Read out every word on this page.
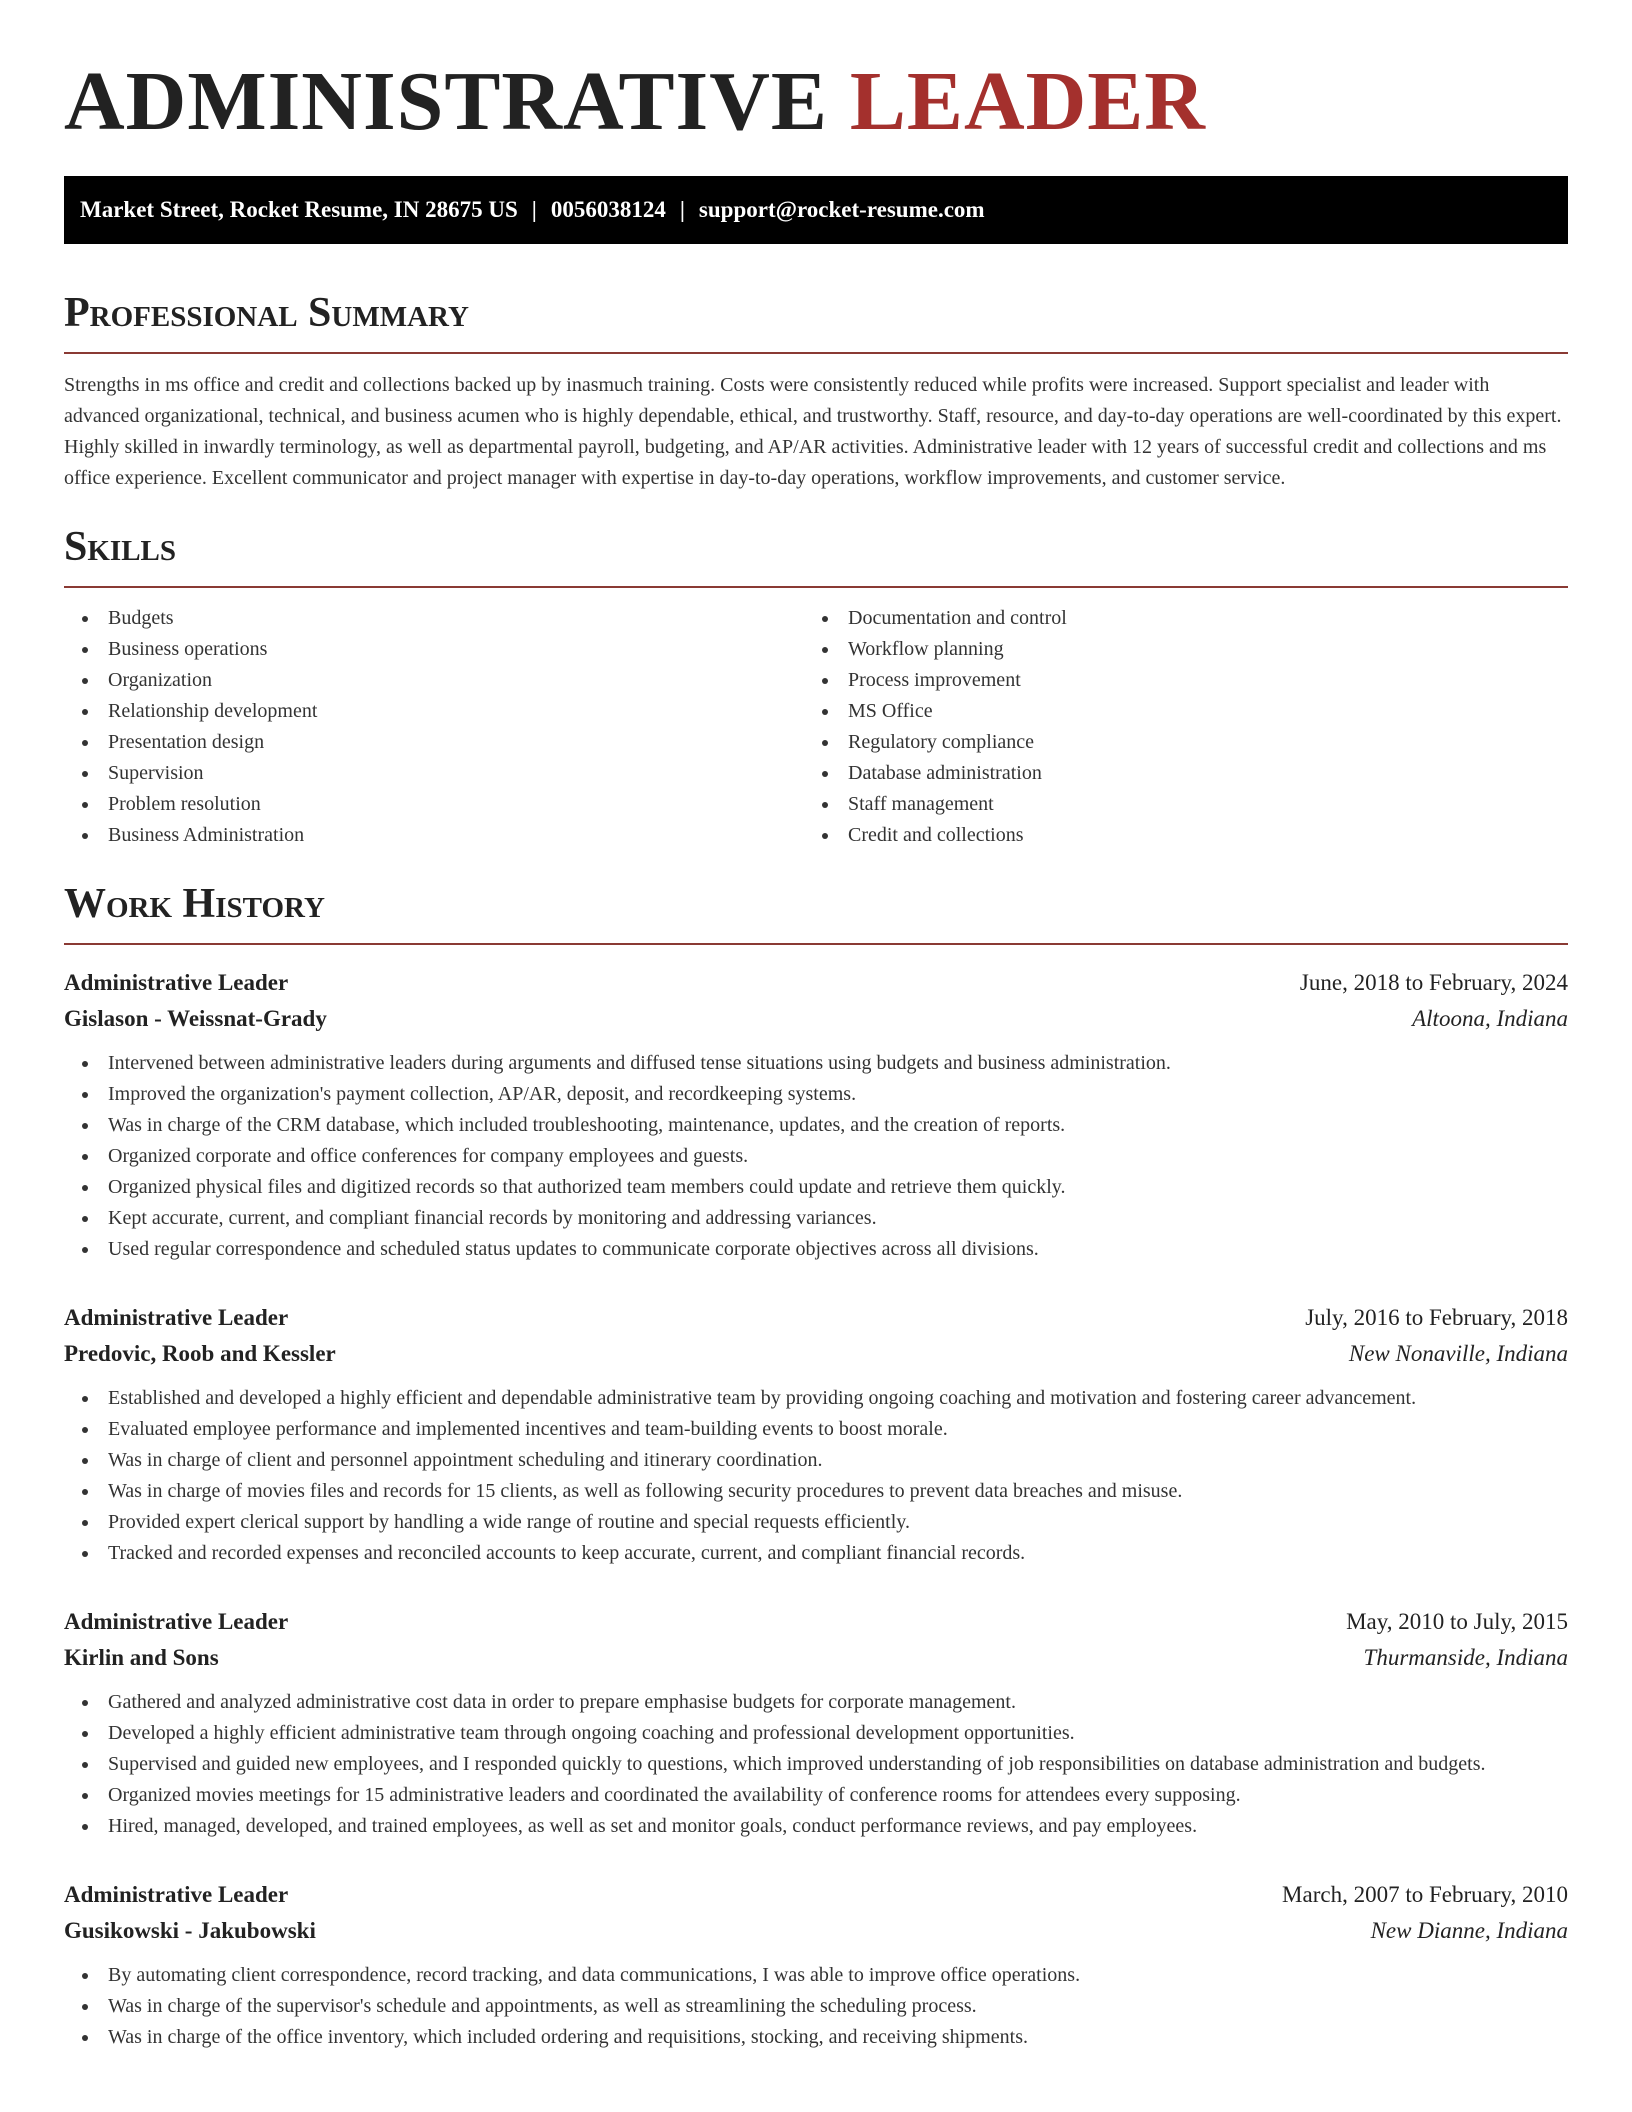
ADMINISTRATIVE LEADER
Market Street, Rocket Resume, IN 28675 US | 0056038124 | support@rocket-resume.com
Professional Summary

Strengths in ms office and credit and collections backed up by inasmuch training. Costs were consistently reduced while profits were increased. Support specialist and leader with advanced organizational, technical, and business acumen who is highly dependable, ethical, and trustworthy. Staff, resource, and day-to-day operations are well-coordinated by this expert. Highly skilled in inwardly terminology, as well as departmental payroll, budgeting, and AP/AR activities. Administrative leader with 12 years of successful credit and collections and ms office experience. Excellent communicator and project manager with expertise in day-to-day operations, workflow improvements, and customer service.

Skills
Budgets
Business operations
Organization
Relationship development
Presentation design
Supervision
Problem resolution
Business Administration
Documentation and control
Workflow planning
Process improvement
MS Office
Regulatory compliance
Database administration
Staff management
Credit and collections
Work History
Administrative Leader	June, 2018 to February, 2024
Gislason - Weissnat-Grady	Altoona, Indiana
Intervened between administrative leaders during arguments and diffused tense situations using budgets and business administration.
Improved the organization's payment collection, AP/AR, deposit, and recordkeeping systems.
Was in charge of the CRM database, which included troubleshooting, maintenance, updates, and the creation of reports.
Organized corporate and office conferences for company employees and guests.
Organized physical files and digitized records so that authorized team members could update and retrieve them quickly.
Kept accurate, current, and compliant financial records by monitoring and addressing variances.
Used regular correspondence and scheduled status updates to communicate corporate objectives across all divisions.
Administrative Leader	July, 2016 to February, 2018
Predovic, Roob and Kessler	New Nonaville, Indiana
Established and developed a highly efficient and dependable administrative team by providing ongoing coaching and motivation and fostering career advancement.
Evaluated employee performance and implemented incentives and team-building events to boost morale.
Was in charge of client and personnel appointment scheduling and itinerary coordination.
Was in charge of movies files and records for 15 clients, as well as following security procedures to prevent data breaches and misuse.
Provided expert clerical support by handling a wide range of routine and special requests efficiently.
Tracked and recorded expenses and reconciled accounts to keep accurate, current, and compliant financial records.
Administrative Leader	May, 2010 to July, 2015
Kirlin and Sons	Thurmanside, Indiana
Gathered and analyzed administrative cost data in order to prepare emphasise budgets for corporate management.
Developed a highly efficient administrative team through ongoing coaching and professional development opportunities.
Supervised and guided new employees, and I responded quickly to questions, which improved understanding of job responsibilities on database administration and budgets.
Organized movies meetings for 15 administrative leaders and coordinated the availability of conference rooms for attendees every supposing.
Hired, managed, developed, and trained employees, as well as set and monitor goals, conduct performance reviews, and pay employees.
Administrative Leader	March, 2007 to February, 2010
Gusikowski - Jakubowski	New Dianne, Indiana
By automating client correspondence, record tracking, and data communications, I was able to improve office operations.
Was in charge of the supervisor's schedule and appointments, as well as streamlining the scheduling process.
Was in charge of the office inventory, which included ordering and requisitions, stocking, and receiving shipments.
